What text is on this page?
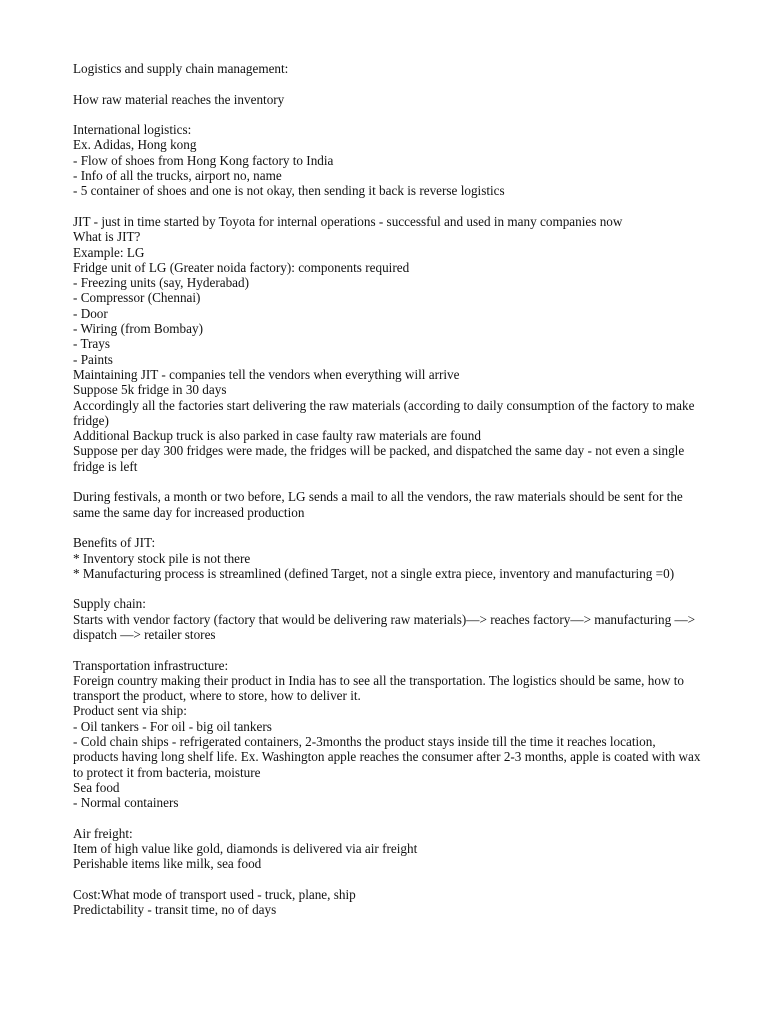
Logistics and supply chain management:

How raw material reaches the inventory

International logistics:

Ex. Adidas, Hong kong

- Flow of shoes from Hong Kong factory to India

- Info of all the trucks, airport no, name

- 5 container of shoes and one is not okay, then sending it back is reverse logistics

JIT - just in time started by Toyota for internal operations - successful and used in many companies now

What is JIT?

Example: LG

Fridge unit of LG (Greater noida factory): components required

- Freezing units (say, Hyderabad)

- Compressor (Chennai)

- Door

- Wiring (from Bombay)

- Trays

- Paints

Maintaining JIT - companies tell the vendors when everything will arrive

Suppose 5k fridge in 30 days

Accordingly all the factories start delivering the raw materials (according to daily consumption of the factory to make fridge)

Additional Backup truck is also parked in case faulty raw materials are found

Suppose per day 300 fridges were made, the fridges will be packed, and dispatched the same day - not even a single fridge is left

During festivals, a month or two before, LG sends a mail to all the vendors, the raw materials should be sent for the same the same day for increased production

Benefits of JIT:

* Inventory stock pile is not there

* Manufacturing process is streamlined (defined Target, not a single extra piece, inventory and manufacturing =0)

Supply chain:

Starts with vendor factory (factory that would be delivering raw materials)—> reaches factory—> manufacturing —> dispatch —> retailer stores

Transportation infrastructure:

Foreign country making their product in India has to see all the transportation. The logistics should be same, how to transport the product, where to store, how to deliver it.

Product sent via ship:

- Oil tankers - For oil - big oil tankers

- Cold chain ships - refrigerated containers, 2-3months the product stays inside till the time it reaches location, products having long shelf life. Ex. Washington apple reaches the consumer after 2-3 months, apple is coated with wax to protect it from bacteria, moisture

Sea food

- Normal containers

Air freight:

Item of high value like gold, diamonds is delivered via air freight

Perishable items like milk, sea food

Cost:What mode of transport used - truck, plane, ship

Predictability - transit time, no of days
